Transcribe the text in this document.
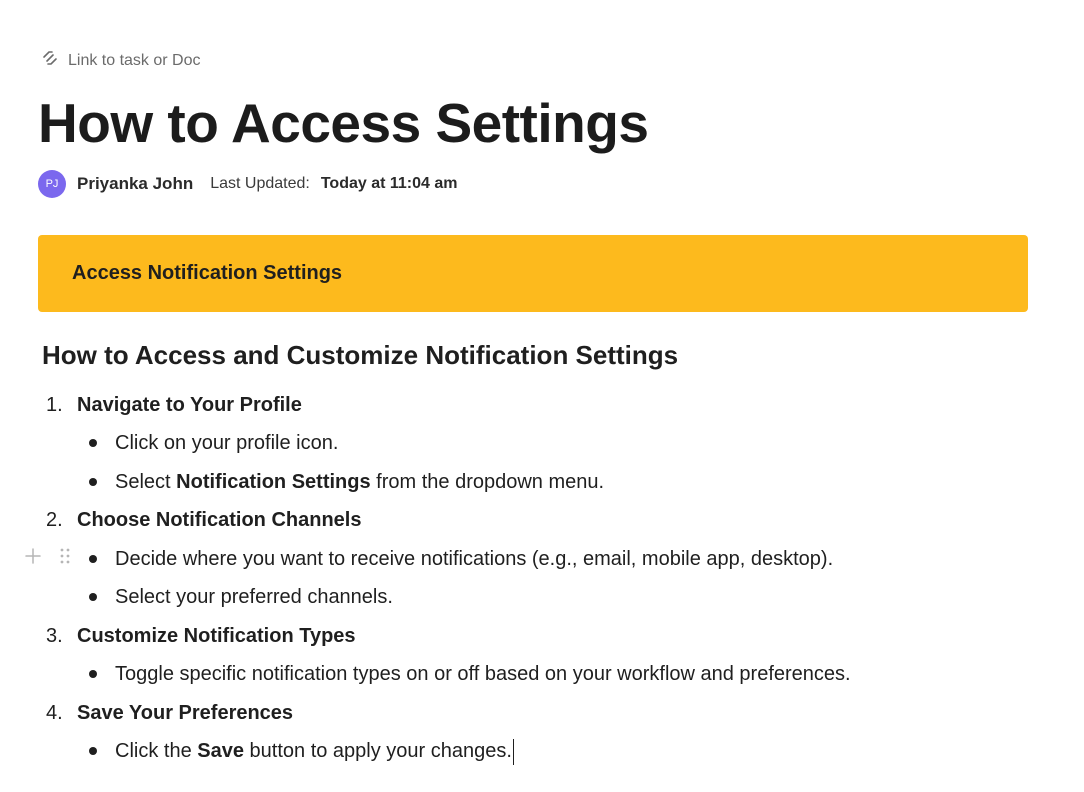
Link to task or Doc
How to Access Settings
PJ	Priyanka John Last Updated: Today at 11:04 am
Access Notification Settings
How to Access and Customize Notification Settings
1. Navigate to Your Profile
Click on your profile icon.
Select Notification Settings from the dropdown menu.
2. Choose Notification Channels
Decide where you want to receive notifications (e.g., email, mobile app, desktop).
Select your preferred channels.
3. Customize Notification Types
Toggle specific notification types on or off based on your workflow and preferences.
4. Save Your Preferences
Click the Save button to apply your changes.
